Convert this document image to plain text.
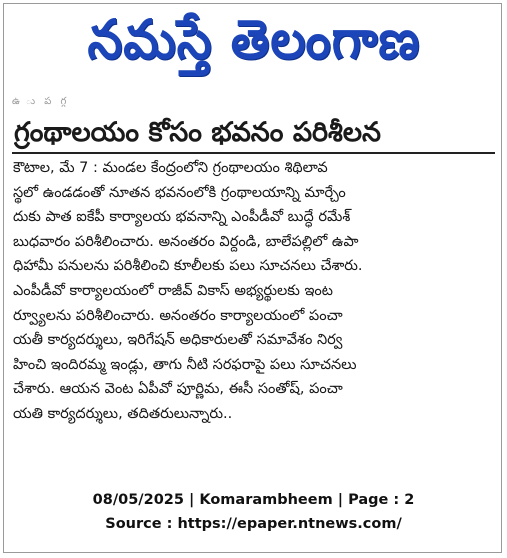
నమస్తే తెలంగాణ
ఉ ు ప గ్గ
గ్రంథాలయం కోసం భవనం పరిశీలన
కౌటాల, మే 7 : మండల కేంద్రంలోని గ్రంథాలయం శిథిలావ
స్థలో ఉండడంతో నూతన భవనంలోకి గ్రంథాలయాన్ని మార్చేం
దుకు పాత ఐకేపీ కార్యాలయ భవనాన్ని ఎంపీడీవో బుద్ధే రమేశ్
బుధవారం పరిశీలించారు. అనంతరం విర్దండి, బాలేపల్లిలో ఉపా
ధిహామీ పనులను పరిశీలించి కూలీలకు పలు సూచనలు చేశారు.
ఎంపీడీవో కార్యాలయంలో రాజీవ్ వికాస్ అభ్యర్థులకు ఇంట
ర్వ్యూలను పరిశీలించారు. అనంతరం కార్యాలయంలో పంచా
యతీ కార్యదర్శులు, ఇరిగేషన్ అధికారులతో సమావేశం నిర్వ
హించి ఇందిరమ్మ ఇండ్లు, తాగు నీటి సరఫరాపై పలు సూచనలు
చేశారు. ఆయన వెంట ఏపీవో పూర్ణిమ, ఈసీ సంతోష్, పంచా
యతి కార్యదర్శులు, తదితరులున్నారు..
08/05/2025 | Komarambheem | Page : 2
Source : https://epaper.ntnews.com/
